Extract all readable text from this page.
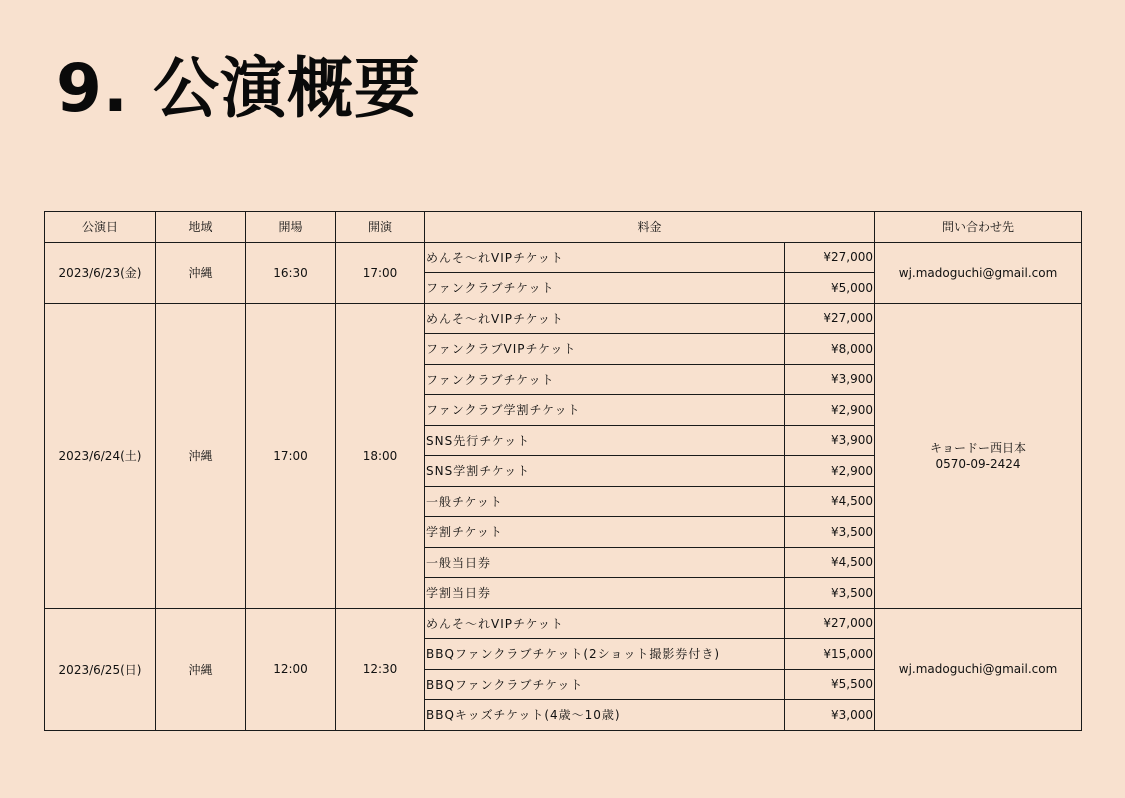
9. 公演概要
公演日	地域	開場	開演	料金		問い合わせ先
2023/6/23(金)	沖縄	16:30	17:00	めんそ〜れVIPチケット	¥27,000	wj.madoguchi@gmail.com

				ファンクラブチケット	¥5,000	
2023/6/24(土)	沖縄	17:00	18:00	めんそ〜れVIPチケット	¥27,000	キョードー西日本
0570-09-2424

				ファンクラブVIPチケット	¥8,000	
				ファンクラブチケット	¥3,900	
				ファンクラブ学割チケット	¥2,900	
				SNS先行チケット	¥3,900	
				SNS学割チケット	¥2,900	
				一般チケット	¥4,500	
				学割チケット	¥3,500	
				一般当日券	¥4,500	
				学割当日券	¥3,500	
2023/6/25(日)	沖縄	12:00	12:30	めんそ〜れVIPチケット	¥27,000	wj.madoguchi@gmail.com

				BBQファンクラブチケット(2ショット撮影券付き)	¥15,000	
				BBQファンクラブチケット	¥5,500	
				BBQキッズチケット(4歳〜10歳)	¥3,000	
